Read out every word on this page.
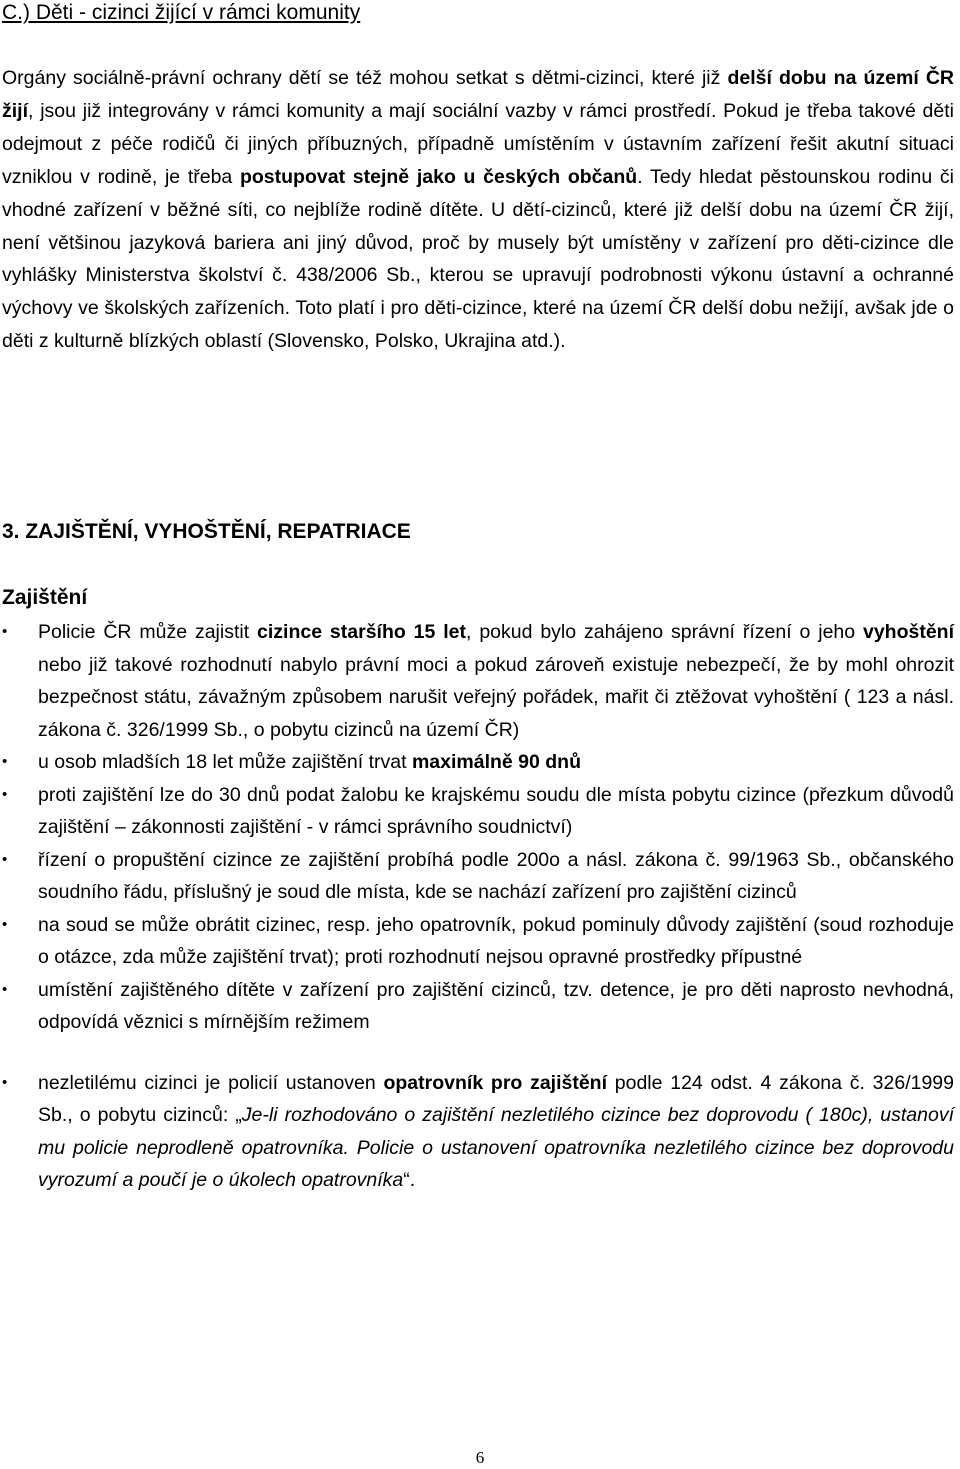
C.) Děti - cizinci žijící v rámci komunity

Orgány sociálně-právní ochrany dětí se též mohou setkat s dětmi-cizinci, které již delší dobu na území ČR žijí, jsou již integrovány v rámci komunity a mají sociální vazby v rámci prostředí. Pokud je třeba takové děti odejmout z péče rodičů či jiných příbuzných, případně umístěním v ústavním zařízení řešit akutní situaci vzniklou v rodině, je třeba postupovat stejně jako u českých občanů. Tedy hledat pěstounskou rodinu či vhodné zařízení v běžné síti, co nejblíže rodině dítěte. U dětí-cizinců, které již delší dobu na území ČR žijí, není většinou jazyková bariera ani jiný důvod, proč by musely být umístěny v zařízení pro děti-cizince dle vyhlášky Ministerstva školství č. 438/2006 Sb., kterou se upravují podrobnosti výkonu ústavní a ochranné výchovy ve školských zařízeních. Toto platí i pro děti-cizince, které na území ČR delší dobu nežijí, avšak jde o děti z kulturně blízkých oblastí (Slovensko, Polsko, Ukrajina atd.).

3. ZAJIŠTĚNÍ, VYHOŠTĚNÍ, REPATRIACE
Zajištění
• Policie ČR může zajistit cizince staršího 15 let, pokud bylo zahájeno správní řízení o jeho vyhoštění nebo již takové rozhodnutí nabylo právní moci a pokud zároveň existuje nebezpečí, že by mohl ohrozit bezpečnost státu, závažným způsobem narušit veřejný pořádek, mařit či ztěžovat vyhoštění ( 123 a násl. zákona č. 326/1999 Sb., o pobytu cizinců na území ČR)
• u osob mladších 18 let může zajištění trvat maximálně 90 dnů
• proti zajištění lze do 30 dnů podat žalobu ke krajskému soudu dle místa pobytu cizince (přezkum důvodů zajištění – zákonnosti zajištění - v rámci správního soudnictví)
• řízení o propuštění cizince ze zajištění probíhá podle 200o a násl. zákona č. 99/1963 Sb., občanského soudního řádu, příslušný je soud dle místa, kde se nachází zařízení pro zajištění cizinců
• na soud se může obrátit cizinec, resp. jeho opatrovník, pokud pominuly důvody zajištění (soud rozhoduje o otázce, zda může zajištění trvat); proti rozhodnutí nejsou opravné prostředky přípustné
• umístění zajištěného dítěte v zařízení pro zajištění cizinců, tzv. detence, je pro děti naprosto nevhodná, odpovídá věznici s mírnějším režimem
• nezletilému cizinci je policií ustanoven opatrovník pro zajištění podle 124 odst. 4 zákona č. 326/1999 Sb., o pobytu cizinců: „Je-li rozhodováno o zajištění nezletilého cizince bez doprovodu ( 180c), ustanoví mu policie neprodleně opatrovníka. Policie o ustanovení opatrovníka nezletilého cizince bez doprovodu vyrozumí a poučí je o úkolech opatrovníka“.
6
